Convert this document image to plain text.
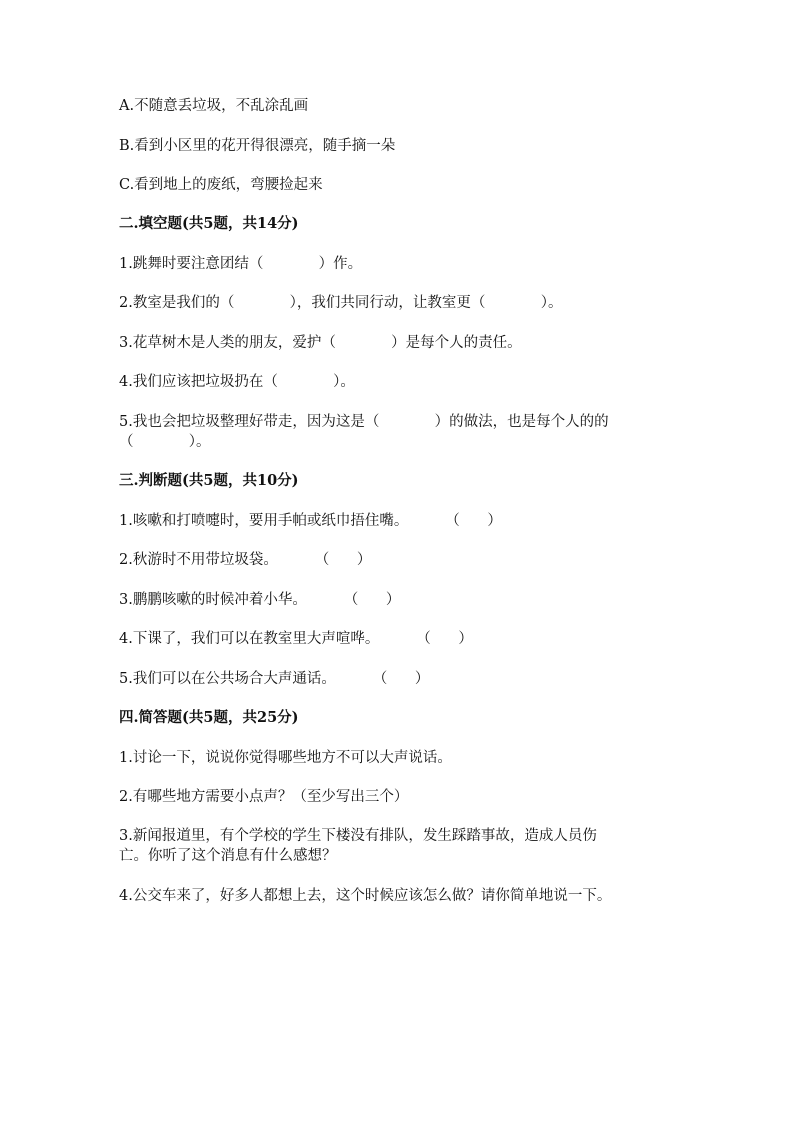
A.不随意丢垃圾，不乱涂乱画
B.看到小区里的花开得很漂亮，随手摘一朵
C.看到地上的废纸，弯腰捡起来
二.填空题(共5题，共14分)
1.跳舞时要注意团结（            ）作。
2.教室是我们的（            ），我们共同行动，让教室更（            ）。
3.花草树木是人类的朋友，爱护（            ）是每个人的责任。
4.我们应该把垃圾扔在（            ）。
5.我也会把垃圾整理好带走，因为这是（            ）的做法，也是每个人的的
（            ）。
三.判断题(共5题，共10分)
1.咳嗽和打喷嚏时，要用手帕或纸巾捂住嘴。        （      ）
2.秋游时不用带垃圾袋。        （      ）
3.鹏鹏咳嗽的时候冲着小华。        （      ）
4.下课了，我们可以在教室里大声喧哗。        （      ）
5.我们可以在公共场合大声通话。        （      ）
四.简答题(共5题，共25分)
1.讨论一下，说说你觉得哪些地方不可以大声说话。
2.有哪些地方需要小点声？（至少写出三个）
3.新闻报道里，有个学校的学生下楼没有排队，发生踩踏事故，造成人员伤
亡。你听了这个消息有什么感想？
4.公交车来了，好多人都想上去，这个时候应该怎么做？请你简单地说一下。
